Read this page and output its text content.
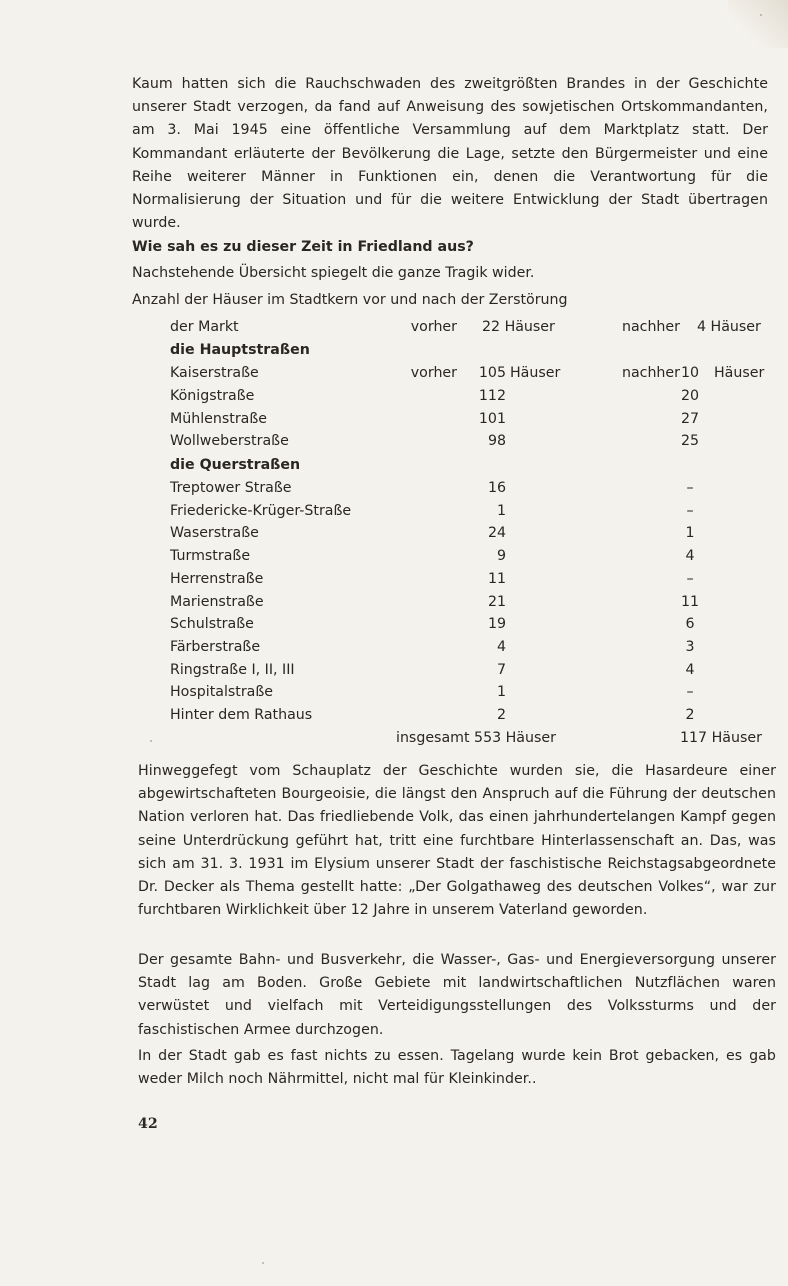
Kaum hatten sich die Rauchschwaden des zweitgrößten Brandes in der Geschichte unserer Stadt verzogen, da fand auf Anweisung des sowjetischen Ortskommandanten, am 3. Mai 1945 eine öffentliche Versammlung auf dem Marktplatz statt. Der Kommandant erläuterte der Bevölkerung die Lage, setzte den Bürgermeister und eine Reihe weiterer Männer in Funktionen ein, denen die Verantwortung für die Normalisierung der Situation und für die weitere Entwicklung der Stadt übertragen wurde.

Wie sah es zu dieser Zeit in Friedland aus?
Nachstehende Übersicht spiegelt die ganze Tragik wider.
Anzahl der Häuser im Stadtkern vor und nach der Zerstörung
der Markt	vorher 22 Häuser	nachher 4 Häuser
die Hauptstraßen
Kaiserstraße	vorher	105 Häuser	nachher 10	Häuser
Königstraße	112	20
Mühlenstraße	101	27
Wollweberstraße	98	25
die Querstraßen
Treptower Straße	16	–
Friedericke-Krüger-Straße	1	–
Waserstraße	24	1
Turmstraße	9	4
Herrenstraße	11	–
Marienstraße	21	11
Schulstraße	19	6
Färberstraße	4	3
Ringstraße I, II, III	7	4
Hospitalstraße	1	–
Hinter dem Rathaus	2	2
insgesamt 553 Häuser	117 Häuser

Hinweggefegt vom Schauplatz der Geschichte wurden sie, die Hasardeure einer abgewirtschafteten Bourgeoisie, die längst den Anspruch auf die Führung der deutschen Nation verloren hat. Das friedliebende Volk, das einen jahrhundertelangen Kampf gegen seine Unterdrückung geführt hat, tritt eine furchtbare Hinterlassenschaft an. Das, was sich am 31. 3. 1931 im Elysium unserer Stadt der faschistische Reichstagsabgeordnete Dr. Decker als Thema gestellt hatte: „Der Golgathaweg des deutschen Volkes“, war zur furchtbaren Wirklichkeit über 12 Jahre in unserem Vaterland geworden.

Der gesamte Bahn- und Busverkehr, die Wasser-, Gas- und Energieversorgung unserer Stadt lag am Boden. Große Gebiete mit landwirtschaftlichen Nutzflächen waren verwüstet und vielfach mit Verteidigungsstellungen des Volkssturms und der faschistischen Armee durchzogen.

In der Stadt gab es fast nichts zu essen. Tagelang wurde kein Brot gebacken, es gab weder Milch noch Nährmittel, nicht mal für Kleinkinder..

42
